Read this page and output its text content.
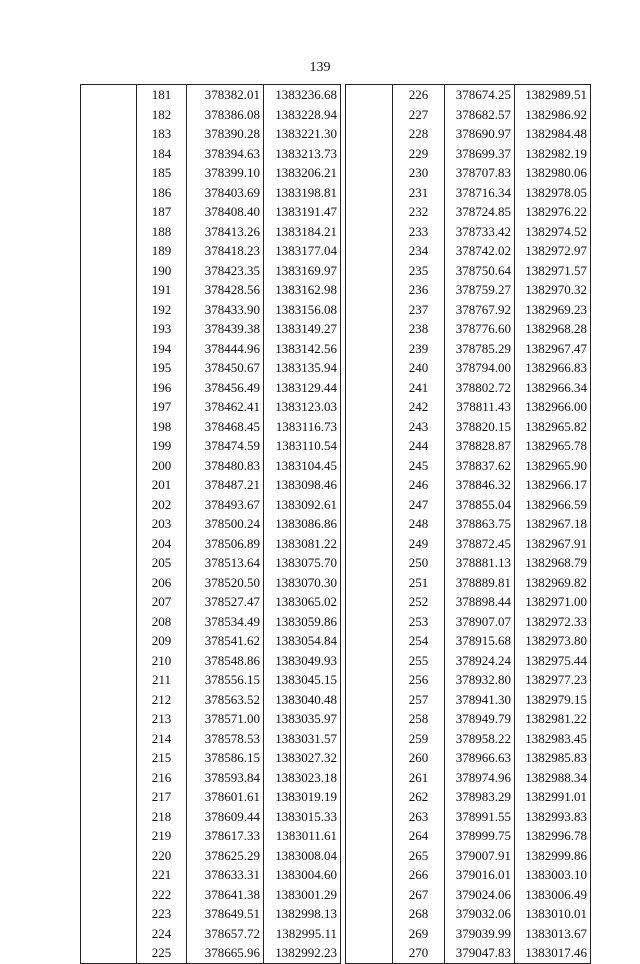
139
	181	378382.01	1383236.68
	182	378386.08	1383228.94
	183	378390.28	1383221.30
	184	378394.63	1383213.73
	185	378399.10	1383206.21
	186	378403.69	1383198.81
	187	378408.40	1383191.47
	188	378413.26	1383184.21
	189	378418.23	1383177.04
	190	378423.35	1383169.97
	191	378428.56	1383162.98
	192	378433.90	1383156.08
	193	378439.38	1383149.27
	194	378444.96	1383142.56
	195	378450.67	1383135.94
	196	378456.49	1383129.44
	197	378462.41	1383123.03
	198	378468.45	1383116.73
	199	378474.59	1383110.54
	200	378480.83	1383104.45
	201	378487.21	1383098.46
	202	378493.67	1383092.61
	203	378500.24	1383086.86
	204	378506.89	1383081.22
	205	378513.64	1383075.70
	206	378520.50	1383070.30
	207	378527.47	1383065.02
	208	378534.49	1383059.86
	209	378541.62	1383054.84
	210	378548.86	1383049.93
	211	378556.15	1383045.15
	212	378563.52	1383040.48
	213	378571.00	1383035.97
	214	378578.53	1383031.57
	215	378586.15	1383027.32
	216	378593.84	1383023.18
	217	378601.61	1383019.19
	218	378609.44	1383015.33
	219	378617.33	1383011.61
	220	378625.29	1383008.04
	221	378633.31	1383004.60
	222	378641.38	1383001.29
	223	378649.51	1382998.13
	224	378657.72	1382995.11
	225	378665.96	1382992.23
	226	378674.25	1382989.51
	227	378682.57	1382986.92
	228	378690.97	1382984.48
	229	378699.37	1382982.19
	230	378707.83	1382980.06
	231	378716.34	1382978.05
	232	378724.85	1382976.22
	233	378733.42	1382974.52
	234	378742.02	1382972.97
	235	378750.64	1382971.57
	236	378759.27	1382970.32
	237	378767.92	1382969.23
	238	378776.60	1382968.28
	239	378785.29	1382967.47
	240	378794.00	1382966.83
	241	378802.72	1382966.34
	242	378811.43	1382966.00
	243	378820.15	1382965.82
	244	378828.87	1382965.78
	245	378837.62	1382965.90
	246	378846.32	1382966.17
	247	378855.04	1382966.59
	248	378863.75	1382967.18
	249	378872.45	1382967.91
	250	378881.13	1382968.79
	251	378889.81	1382969.82
	252	378898.44	1382971.00
	253	378907.07	1382972.33
	254	378915.68	1382973.80
	255	378924.24	1382975.44
	256	378932.80	1382977.23
	257	378941.30	1382979.15
	258	378949.79	1382981.22
	259	378958.22	1382983.45
	260	378966.63	1382985.83
	261	378974.96	1382988.34
	262	378983.29	1382991.01
	263	378991.55	1382993.83
	264	378999.75	1382996.78
	265	379007.91	1382999.86
	266	379016.01	1383003.10
	267	379024.06	1383006.49
	268	379032.06	1383010.01
	269	379039.99	1383013.67
	270	379047.83	1383017.46
